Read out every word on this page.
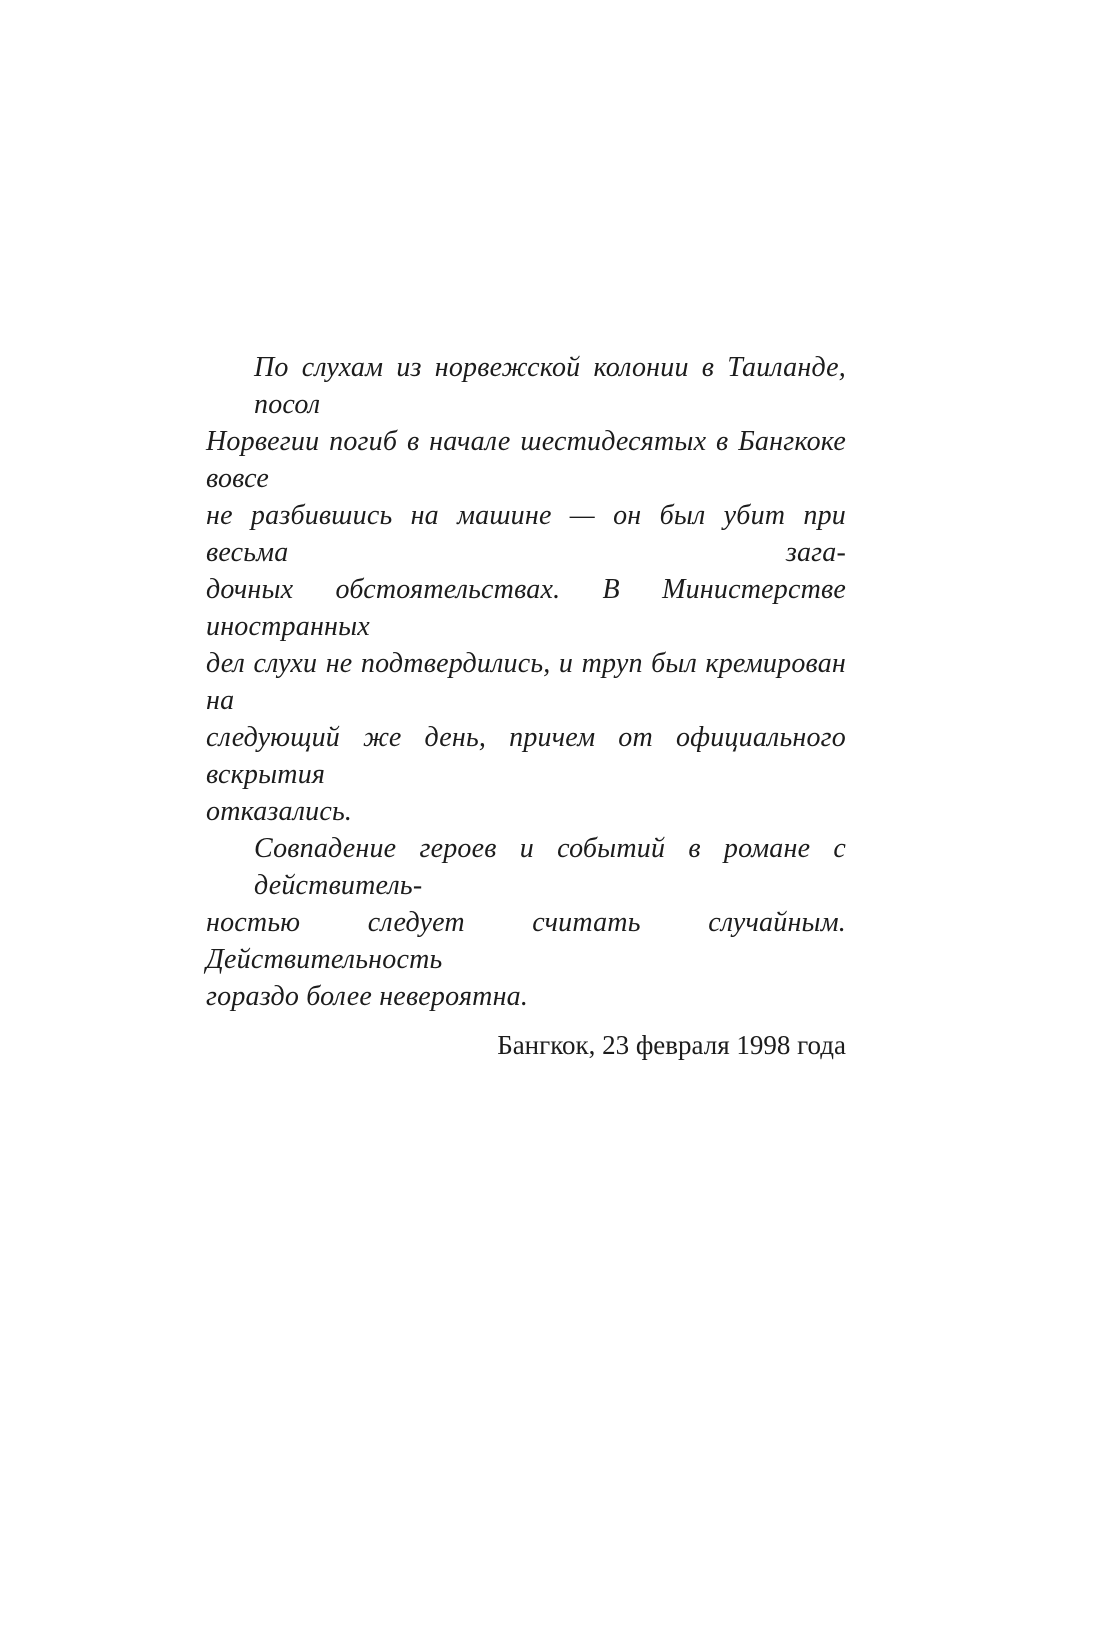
По слухам из норвежской колонии в Таиланде, посол
Норвегии погиб в начале шестидесятых в Бангкоке вовсе
не разбившись на машине — он был убит при весьма зага-
дочных обстоятельствах. В Министерстве иностранных
дел слухи не подтвердились, и труп был кремирован на
следующий же день, причем от официального вскрытия
отказались.

Совпадение героев и событий в романе с действитель-
ностью следует считать случайным. Действительность
гораздо более невероятна.

Бангкок, 23 февраля 1998 года
